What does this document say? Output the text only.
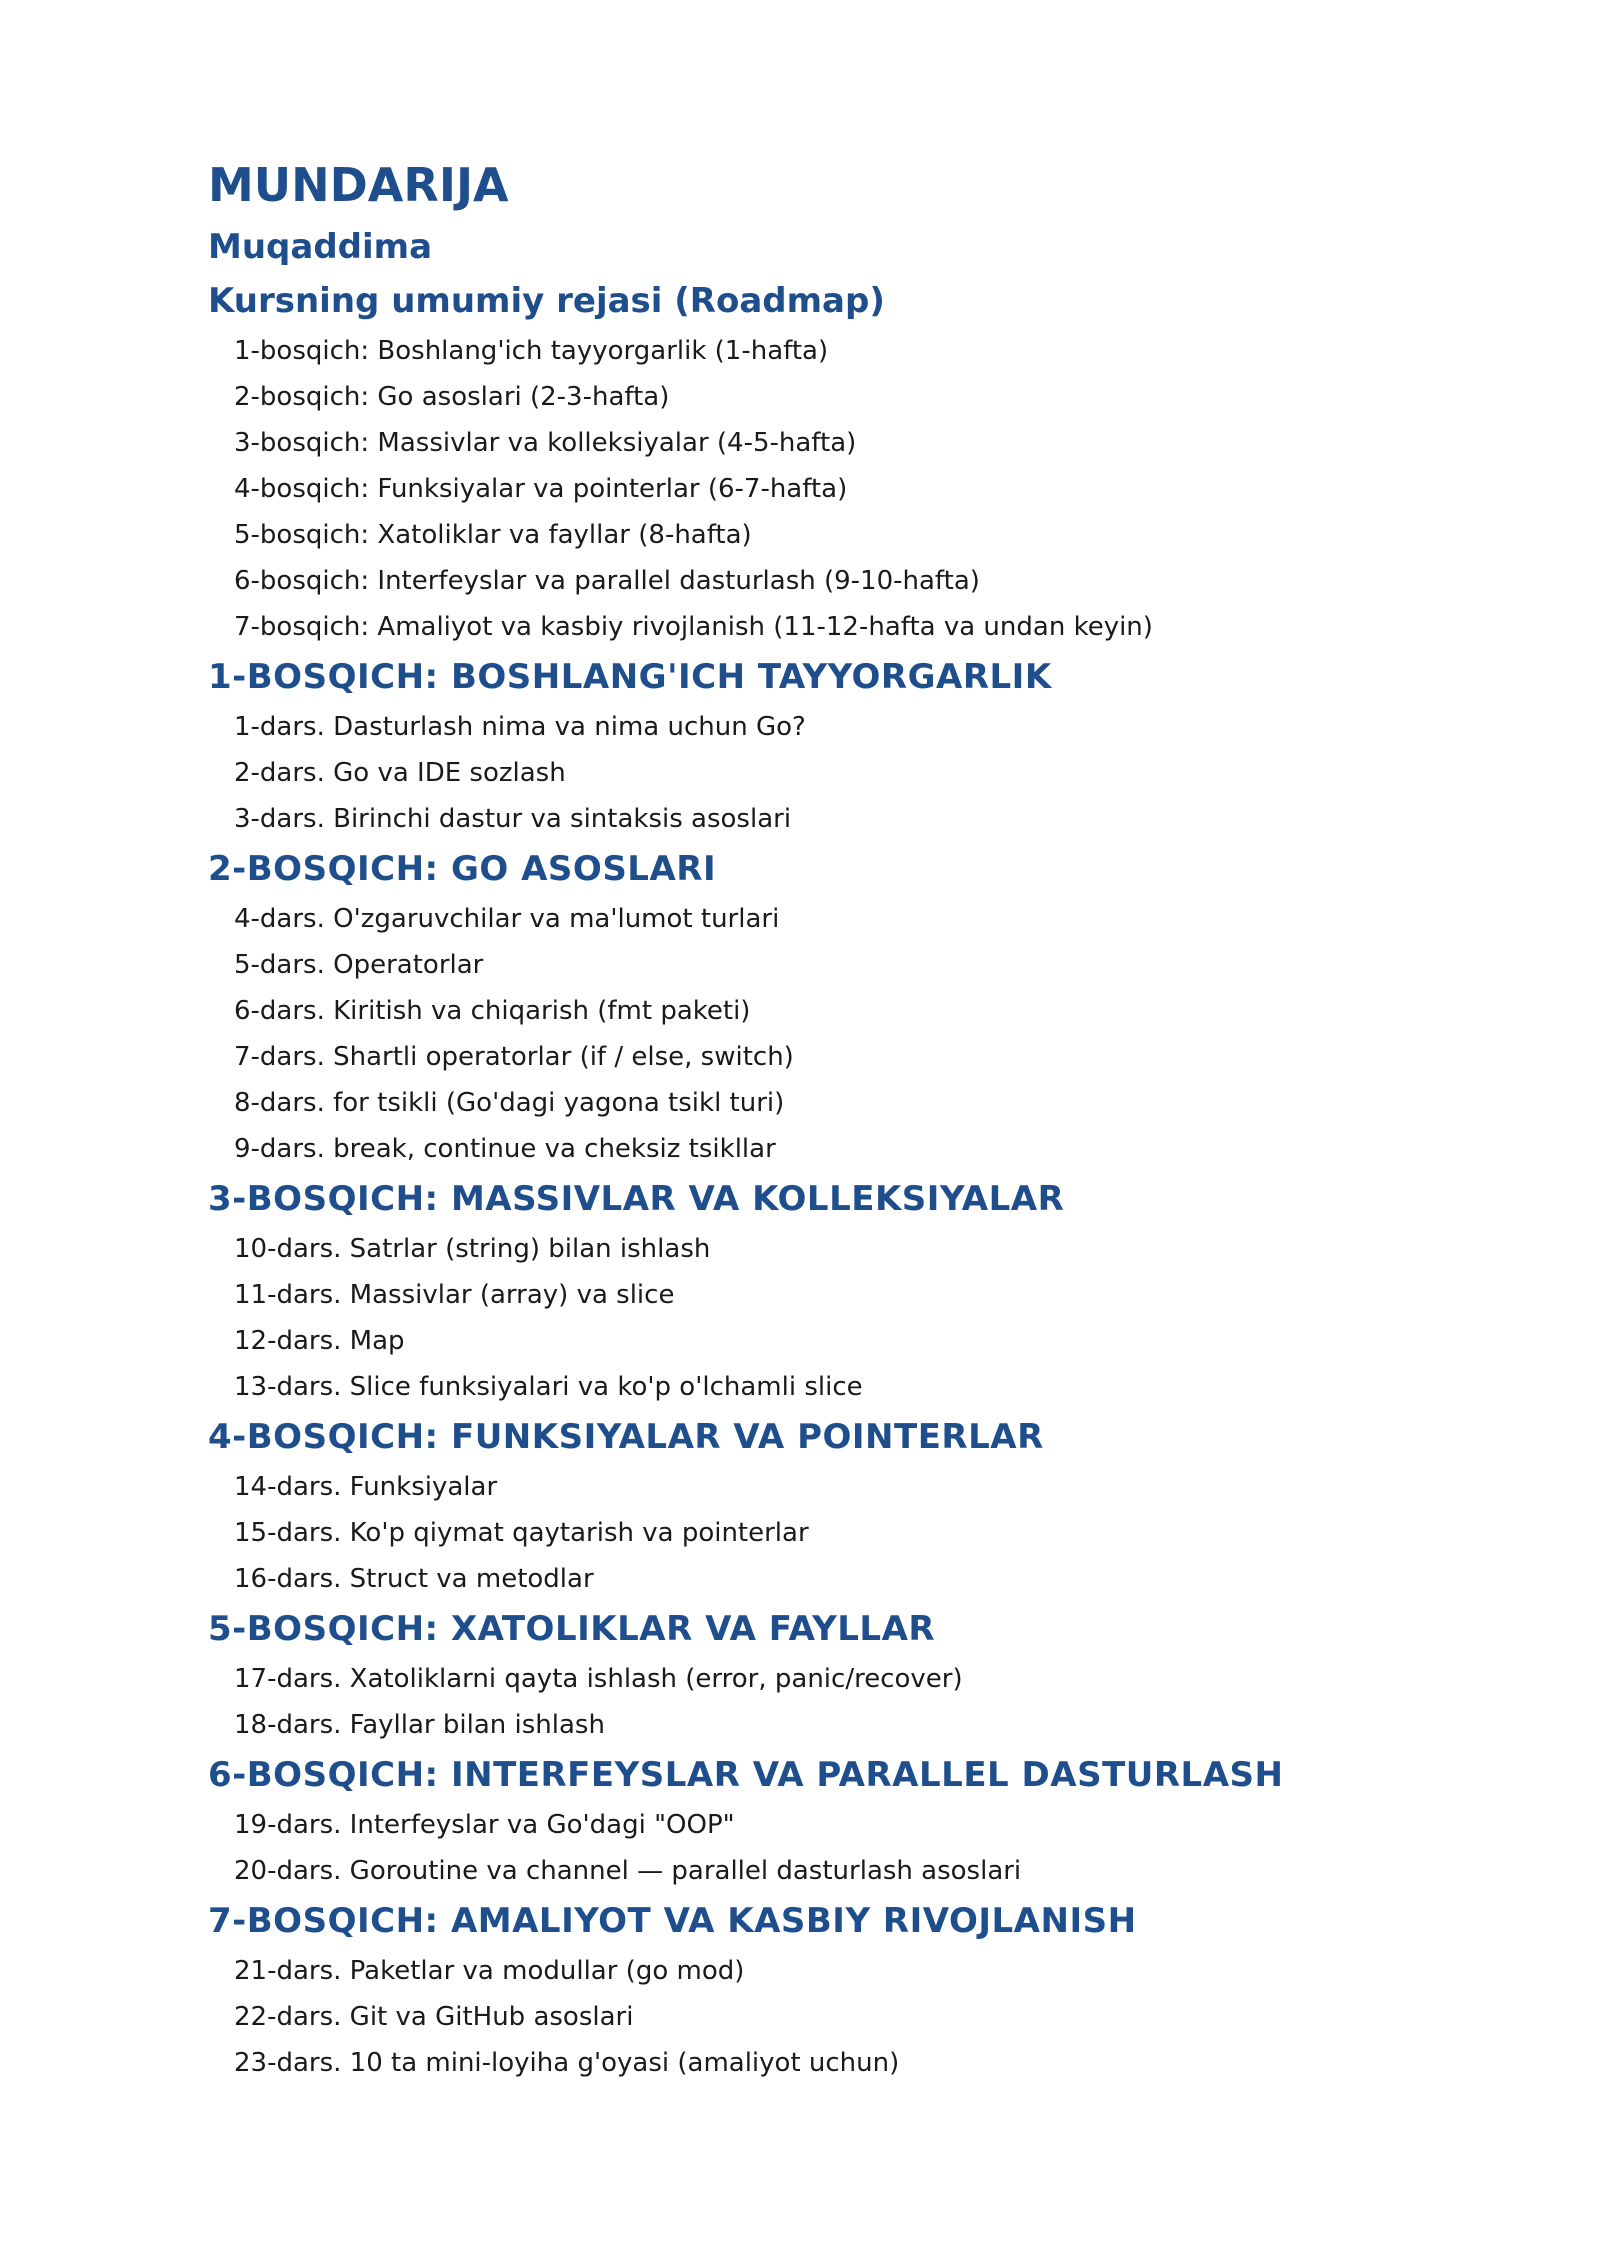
MUNDARIJA
Muqaddima
Kursning umumiy rejasi (Roadmap)
1-bosqich: Boshlang'ich tayyorgarlik (1-hafta)
2-bosqich: Go asoslari (2-3-hafta)
3-bosqich: Massivlar va kolleksiyalar (4-5-hafta)
4-bosqich: Funksiyalar va pointerlar (6-7-hafta)
5-bosqich: Xatoliklar va fayllar (8-hafta)
6-bosqich: Interfeyslar va parallel dasturlash (9-10-hafta)
7-bosqich: Amaliyot va kasbiy rivojlanish (11-12-hafta va undan keyin)
1-BOSQICH: BOSHLANG'ICH TAYYORGARLIK
1-dars. Dasturlash nima va nima uchun Go?
2-dars. Go va IDE sozlash
3-dars. Birinchi dastur va sintaksis asoslari
2-BOSQICH: GO ASOSLARI
4-dars. O'zgaruvchilar va ma'lumot turlari
5-dars. Operatorlar
6-dars. Kiritish va chiqarish (fmt paketi)
7-dars. Shartli operatorlar (if / else, switch)
8-dars. for tsikli (Go'dagi yagona tsikl turi)
9-dars. break, continue va cheksiz tsikllar
3-BOSQICH: MASSIVLAR VA KOLLEKSIYALAR
10-dars. Satrlar (string) bilan ishlash
11-dars. Massivlar (array) va slice
12-dars. Map
13-dars. Slice funksiyalari va ko'p o'lchamli slice
4-BOSQICH: FUNKSIYALAR VA POINTERLAR
14-dars. Funksiyalar
15-dars. Ko'p qiymat qaytarish va pointerlar
16-dars. Struct va metodlar
5-BOSQICH: XATOLIKLAR VA FAYLLAR
17-dars. Xatoliklarni qayta ishlash (error, panic/recover)
18-dars. Fayllar bilan ishlash
6-BOSQICH: INTERFEYSLAR VA PARALLEL DASTURLASH
19-dars. Interfeyslar va Go'dagi "OOP"
20-dars. Goroutine va channel — parallel dasturlash asoslari
7-BOSQICH: AMALIYOT VA KASBIY RIVOJLANISH
21-dars. Paketlar va modullar (go mod)
22-dars. Git va GitHub asoslari
23-dars. 10 ta mini-loyiha g'oyasi (amaliyot uchun)
